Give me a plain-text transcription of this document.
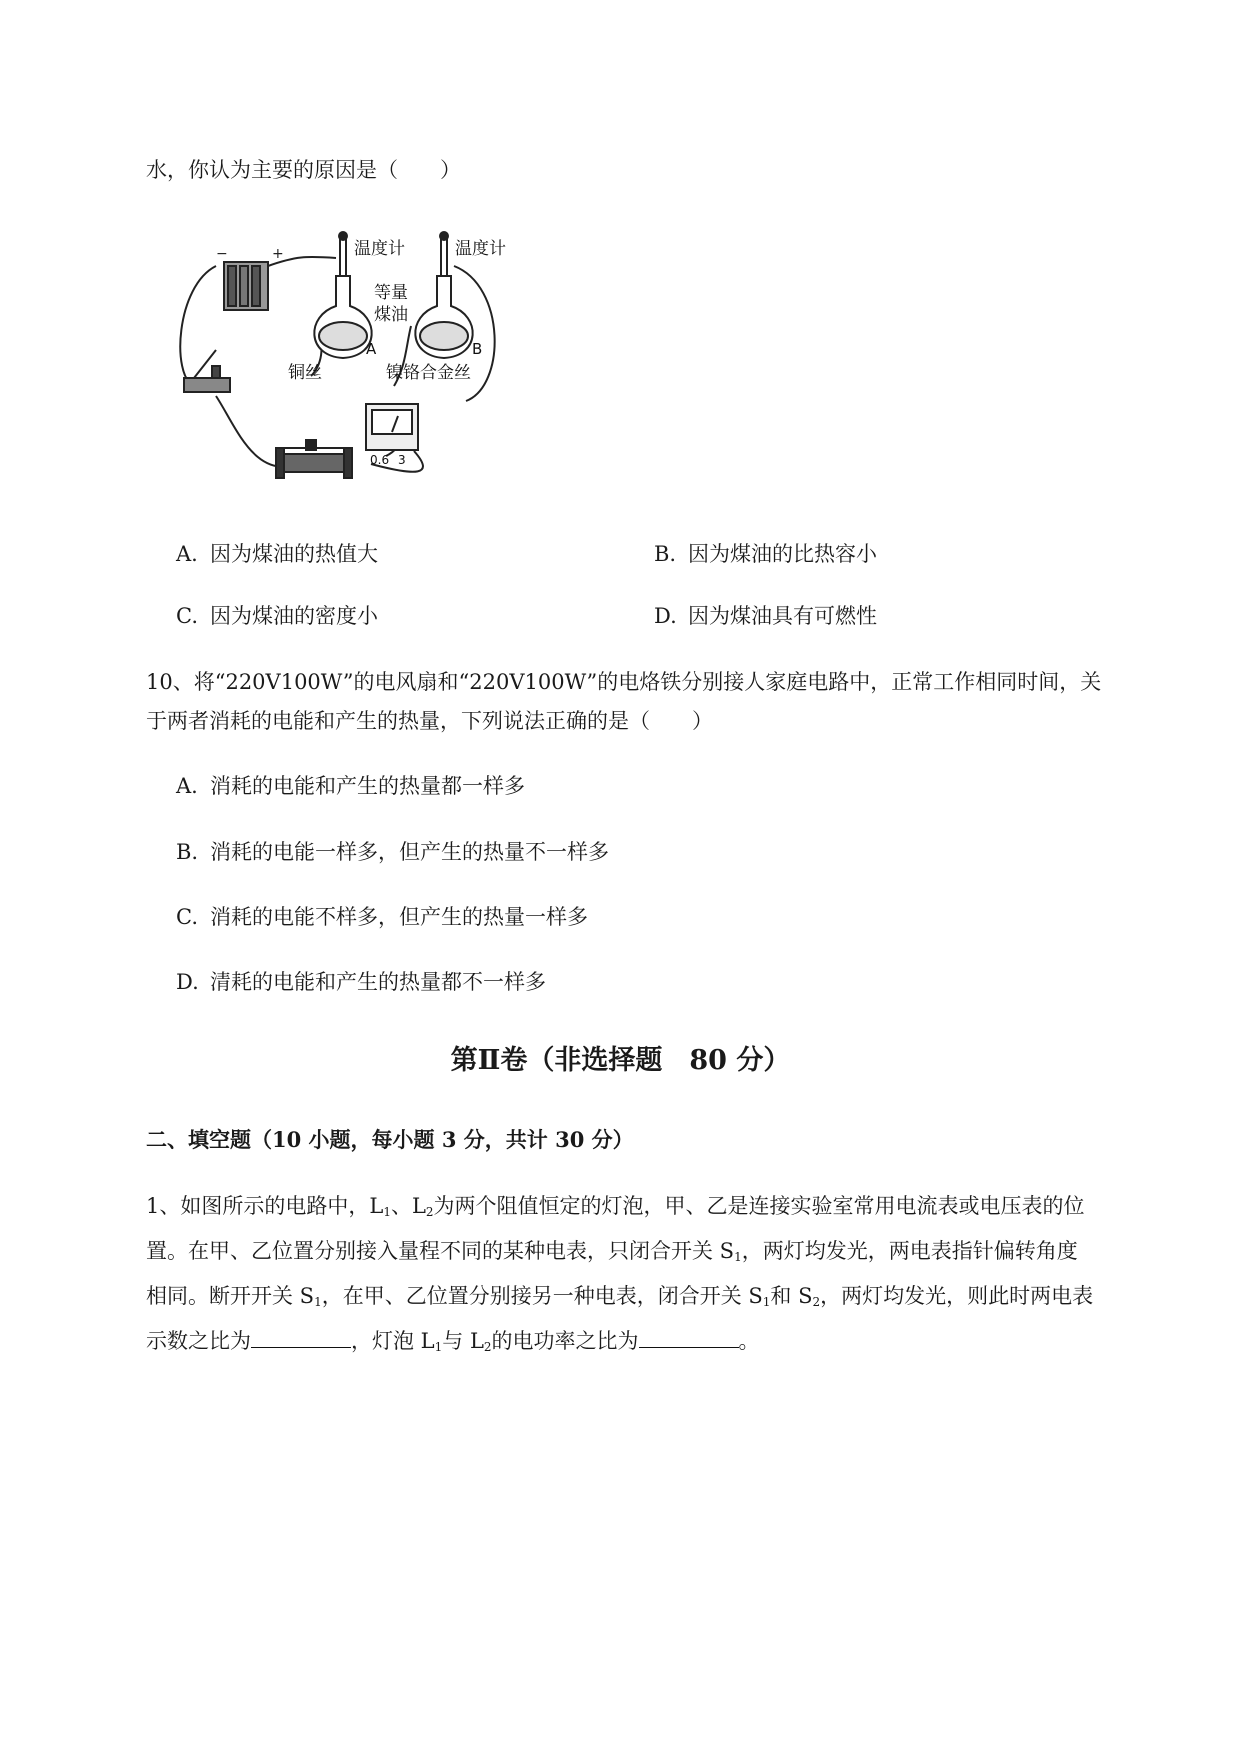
水，你认为主要的原因是（　　）
−	+	温度计	温度计
等量
煤油
A	B
铜丝	镍铬合金丝
0.6 3
A. 因为煤油的热值大	B. 因为煤油的比热容小
C. 因为煤油的密度小	D. 因为煤油具有可燃性
10、将“220V100W”的电风扇和“220V100W”的电烙铁分别接人家庭电路中，正常工作相同时间，关
于两者消耗的电能和产生的热量，下列说法正确的是（　　）
A. 消耗的电能和产生的热量都一样多
B. 消耗的电能一样多，但产生的热量不一样多
C. 消耗的电能不样多，但产生的热量一样多
D. 清耗的电能和产生的热量都不一样多
第Ⅱ卷（非选择题　80 分）
二、填空题（10 小题，每小题 3 分，共计 30 分）
1、如图所示的电路中，$L_1$、$L_2$为两个阻值恒定的灯泡，甲、乙是连接实验室常用电流表或电压表的位
置。在甲、乙位置分别接入量程不同的某种电表，只闭合开关 $S_1$，两灯均发光，两电表指针偏转角度
相同。断开开关 $S_1$，在甲、乙位置分别接另一种电表，闭合开关 $S_1$和 $S_2$，两灯均发光，则此时两电表
示数之比为	，灯泡 $L_1$与 $L_2$的电功率之比为	。
